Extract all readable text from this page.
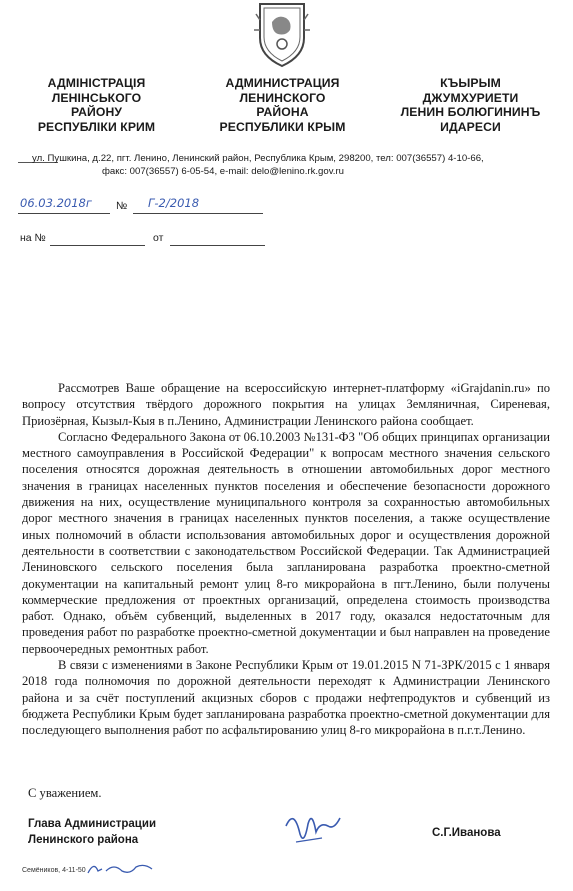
АДМІНІСТРАЦІЯ
ЛЕНІНСЬКОГО
РАЙОНУ
РЕСПУБЛІКИ КРИМ
АДМИНИСТРАЦИЯ
ЛЕНИНСКОГО
РАЙОНА
РЕСПУБЛИКИ КРЫМ
КЪЫРЫМ
ДЖУМХУРИЕТИ
ЛЕНИН БОЛЮГИНИНЪ
ИДАРЕСИ
ул. Пушкина, д.22, пгт. Ленино, Ленинский район, Республика Крым, 298200, тел: 007(36557) 4-10-66,
факс: 007(36557) 6-05-54, e-mail: delo@lenino.rk.gov.ru
06.03.2018г № Г-2/2018
на №	от

Рассмотрев Ваше обращение на всероссийскую интернет-платформу «iGrajdanin.ru» по вопросу отсутствия твёрдого дорожного покрытия на улицах Земляничная, Сиреневая, Приозёрная, Кызыл-Кыя в п.Ленино, Администрации Ленинского района сообщает.

Согласно Федерального Закона от 06.10.2003 №131-ФЗ "Об общих принципах организации местного самоуправления в Российской Федерации" к вопросам местного значения сельского поселения относятся дорожная деятельность в отношении автомобильных дорог местного значения в границах населенных пунктов поселения и обеспечение безопасности дорожного движения на них, осуществление муниципального контроля за сохранностью автомобильных дорог местного значения в границах населенных пунктов поселения, а также осуществление иных полномочий в области использования автомобильных дорог и осуществления дорожной деятельности в соответствии с законодательством Российской Федерации. Так Администрацией Лениновского сельского поселения была запланирована разработка проектно-сметной документации на капитальный ремонт улиц 8-го микрорайона в пгт.Ленино, были получены коммерческие предложения от проектных организаций, определена стоимость производства работ. Однако, объём субвенций, выделенных в 2017 году, оказался недостаточным для проведения работ по разработке проектно-сметной документации и был направлен на проведение первоочередных ремонтных работ.

В связи с изменениями в Законе Республики Крым от 19.01.2015 N 71-ЗРК/2015 с 1 января 2018 года полномочия по дорожной деятельности переходят к Администрации Ленинского района и за счёт поступлений акцизных сборов с продажи нефтепродуктов и субвенций из бюджета Республики Крым будет запланирована разработка проектно-сметной документации для последующего выполнения работ по асфальтированию улиц 8-го микрорайона в п.г.т.Ленино.

С уважением.
Глава Администрации
Ленинского района
С.Г.Иванова
Семёников, 4-11-50
